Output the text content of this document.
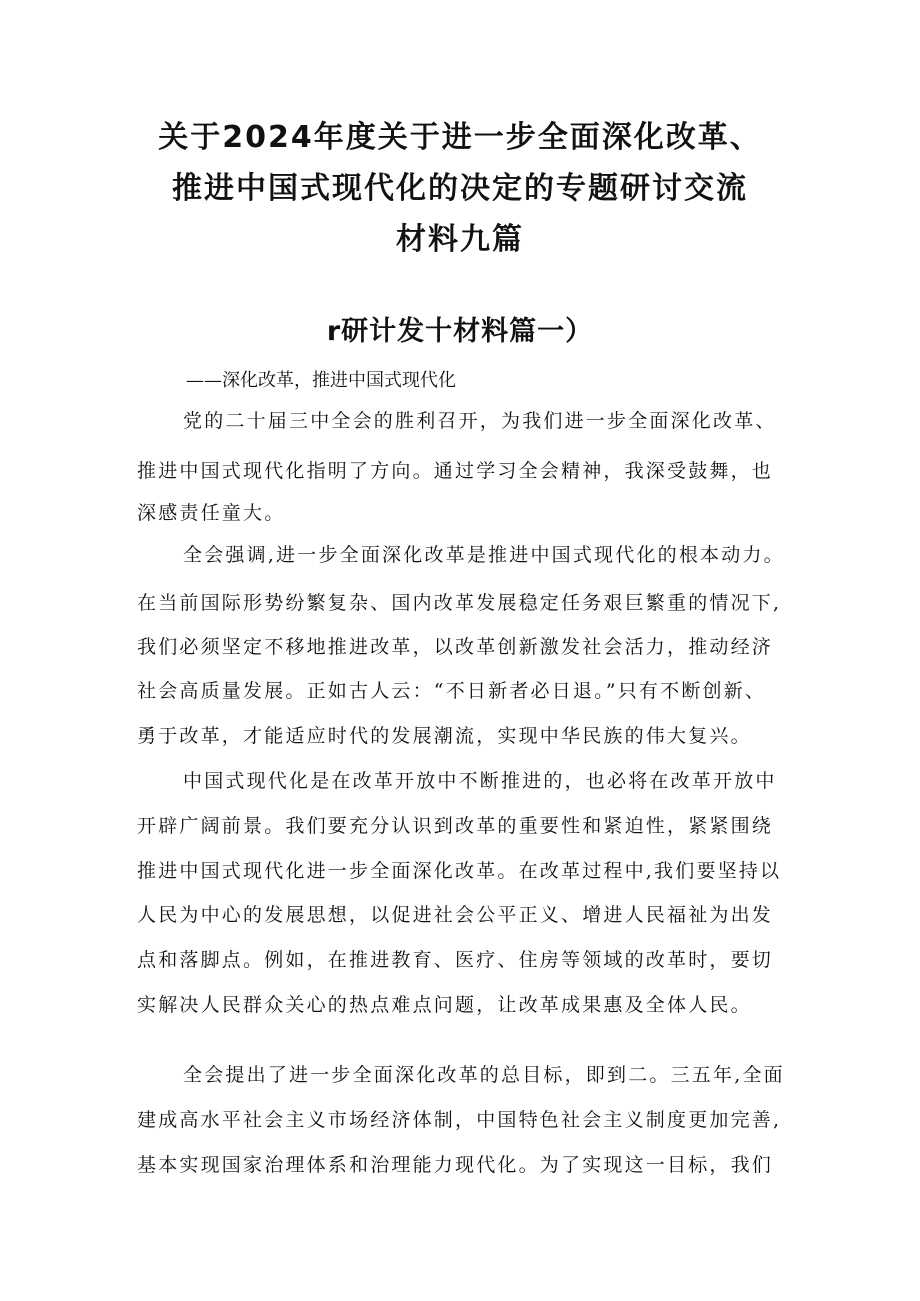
关于2024年度关于进一步全面深化改革、
推进中国式现代化的决定的专题研讨交流
材料九篇
r研计发十材料篇一）
——深化改革，推进中国式现代化
党的二十届三中全会的胜利召开，为我们进一步全面深化改革、
推进中国式现代化指明了方向。通过学习全会精神，我深受鼓舞，也
深感责任童大。
全会强调,进一步全面深化改革是推进中国式现代化的根本动力。
在当前国际形势纷繁复杂、国内改革发展稳定任务艰巨繁重的情况下,
我们必须坚定不移地推进改革，以改革创新激发社会活力，推动经济
社会高质量发展。正如古人云：“不日新者必日退。”只有不断创新、
勇于改革，才能适应时代的发展潮流，实现中华民族的伟大复兴。
中国式现代化是在改革开放中不断推进的，也必将在改革开放中
开辟广阔前景。我们要充分认识到改革的重要性和紧迫性，紧紧围绕
推进中国式现代化进一步全面深化改革。在改革过程中,我们要坚持以
人民为中心的发展思想，以促进社会公平正义、增进人民福祉为出发
点和落脚点。例如，在推进教育、医疗、住房等领域的改革时，要切
实解决人民群众关心的热点难点问题，让改革成果惠及全体人民。
全会提出了进一步全面深化改革的总目标，即到二。三五年,全面
建成高水平社会主义市场经济体制，中国特色社会主义制度更加完善,
基本实现国家治理体系和治理能力现代化。为了实现这一目标，我们
